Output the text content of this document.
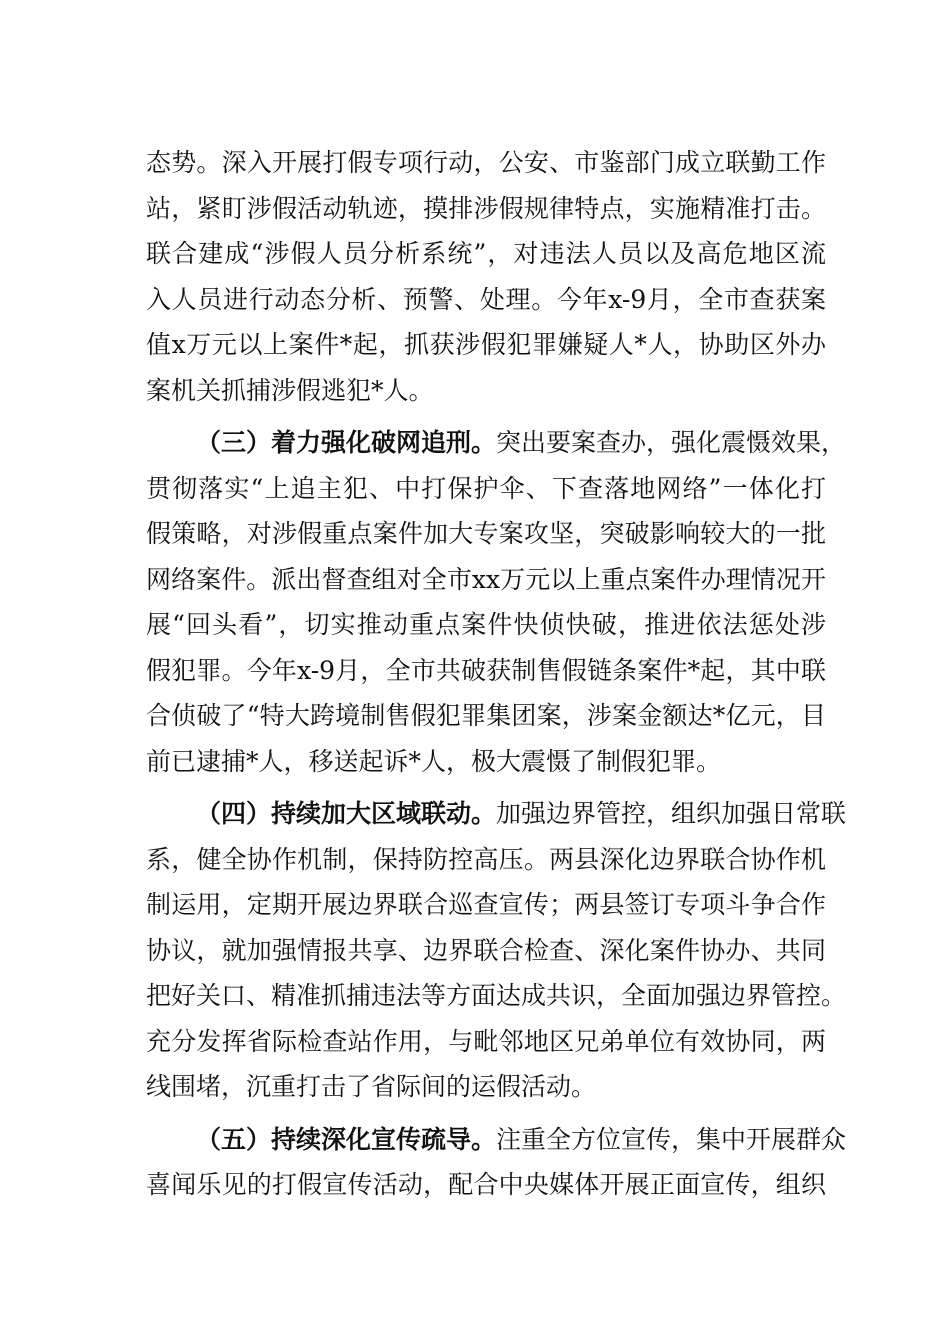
态势。深入开展打假专项行动，公安、市鉴部门成立联勤工作
站，紧盯涉假活动轨迹，摸排涉假规律特点，实施精准打击。
联合建成“涉假人员分析系统”，对违法人员以及高危地区流
入人员进行动态分析、预警、处理。今年x-9月，全市查获案
值x万元以上案件*起，抓获涉假犯罪嫌疑人*人，协助区外办
案机关抓捕涉假逃犯*人。
（三）着力强化破网追刑。突出要案查办，强化震慑效果，
贯彻落实“上追主犯、中打保护伞、下查落地网络”一体化打
假策略，对涉假重点案件加大专案攻坚，突破影响较大的一批
网络案件。派出督查组对全市xx万元以上重点案件办理情况开
展“回头看”，切实推动重点案件快侦快破，推进依法惩处涉
假犯罪。今年x-9月，全市共破获制售假链条案件*起，其中联
合侦破了“特大跨境制售假犯罪集团案，涉案金额达*亿元，目
前已逮捕*人，移送起诉*人，极大震慑了制假犯罪。
（四）持续加大区域联动。加强边界管控，组织加强日常联
系，健全协作机制，保持防控高压。两县深化边界联合协作机
制运用，定期开展边界联合巡查宣传；两县签订专项斗争合作
协议，就加强情报共享、边界联合检查、深化案件协办、共同
把好关口、精准抓捕违法等方面达成共识，全面加强边界管控。
充分发挥省际检查站作用，与毗邻地区兄弟单位有效协同，两
线围堵，沉重打击了省际间的运假活动。
（五）持续深化宣传疏导。注重全方位宣传，集中开展群众
喜闻乐见的打假宣传活动，配合中央媒体开展正面宣传，组织
